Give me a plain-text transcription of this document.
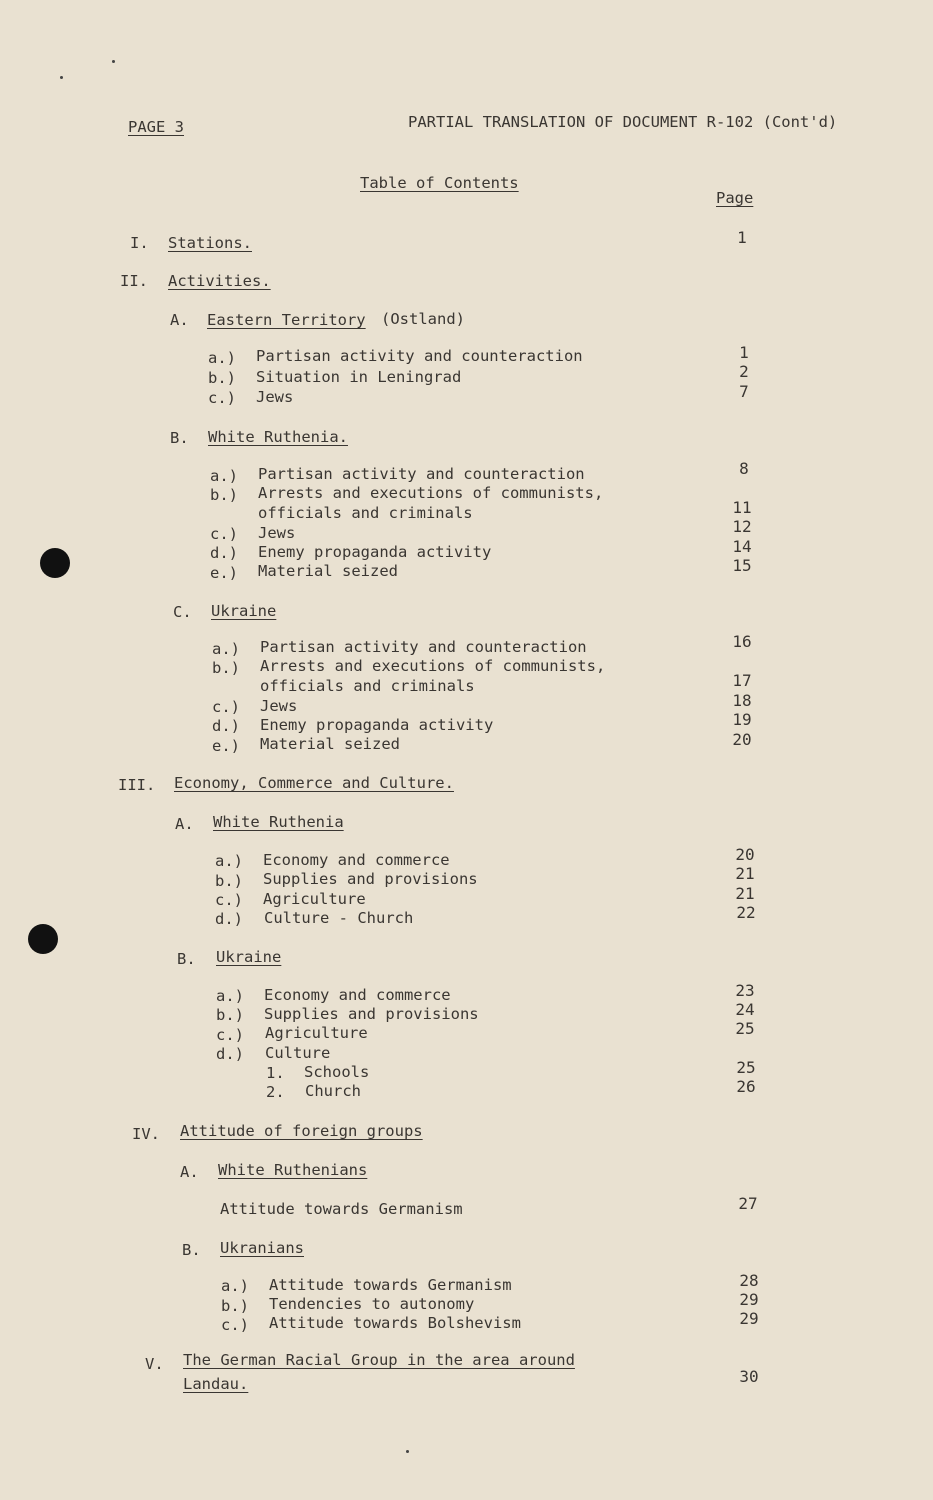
PAGE 3	PARTIAL TRANSLATION OF DOCUMENT R-102 (Cont'd)
Table of Contents
Page
I. Stations.	1
II. Activities.
A. Eastern Territory (Ostland)
a.) Partisan activity and counteraction	1
b.) Situation in Leningrad	2
c.) Jews	7
B. White Ruthenia.
a.) Partisan activity and counteraction	8
b.) Arrests and executions of communists,
officials and criminals	11
c.) Jews	12
d.) Enemy propaganda activity	14
e.) Material seized	15
C. Ukraine
a.) Partisan activity and counteraction	16
b.) Arrests and executions of communists,
officials and criminals	17
c.) Jews	18
d.) Enemy propaganda activity	19
e.) Material seized	20
III. Economy, Commerce and Culture.
A. White Ruthenia
a.) Economy and commerce	20
b.) Supplies and provisions	21
c.) Agriculture	21
d.) Culture - Church	22
B. Ukraine
a.) Economy and commerce	23
b.) Supplies and provisions	24
c.) Agriculture	25
d.) Culture
1. Schools	25
2. Church	26
IV. Attitude of foreign groups
A. White Ruthenians
Attitude towards Germanism	27
B. Ukranians
a.) Attitude towards Germanism	28
b.) Tendencies to autonomy	29
c.) Attitude towards Bolshevism	29
V. The German Racial Group in the area around
Landau.	30
